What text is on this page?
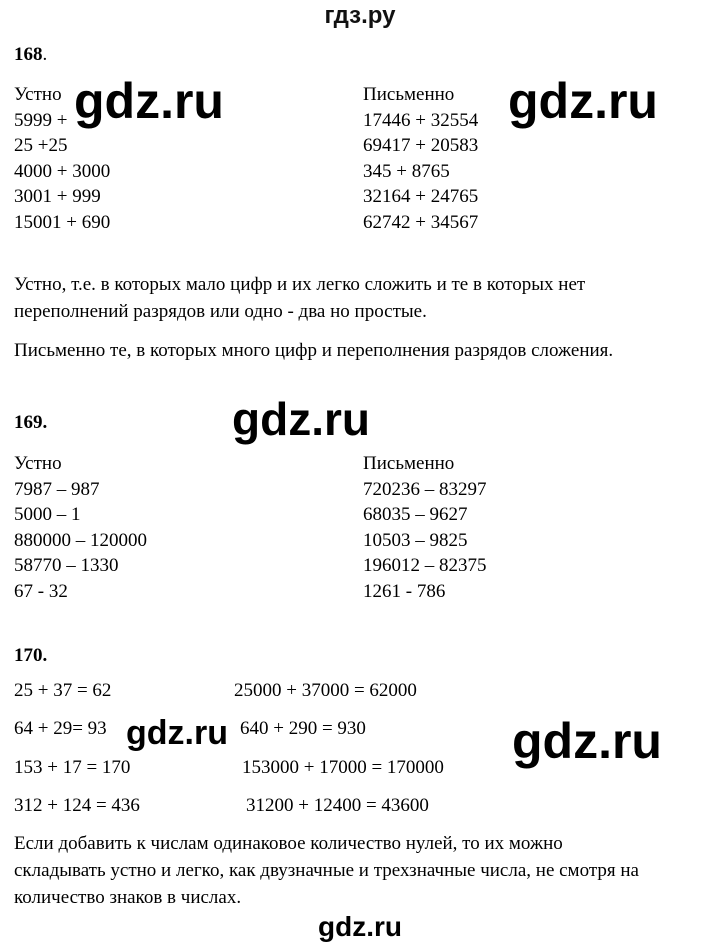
гдз.ру
168.
Устно
5999 +
25 +25
4000 + 3000
3001 + 999
15001 + 690
Письменно
17446 + 32554
69417 + 20583
345 + 8765
32164 + 24765
62742 + 34567
gdz.ru	gdz.ru
Устно, т.е. в которых мало цифр и их легко сложить и те в которых нет
переполнений разрядов или одно - два но простые.
Письменно те, в которых много цифр и переполнения разрядов сложения.
169.	gdz.ru
Устно
7987 – 987
5000 – 1
880000 – 120000
58770 – 1330
67 - 32
Письменно
720236 – 83297
68035 – 9627
10503 – 9825
196012 – 82375
1261 - 786
170.
25 + 37 = 62	25000 + 37000 = 62000
64 + 29= 93	640 + 290 = 930
153 + 17 = 170	153000 + 17000 = 170000
312 + 124 = 436	31200 + 12400 = 43600
gdz.ru	gdz.ru
Если добавить к числам одинаковое количество нулей, то их можно
складывать устно и легко, как двузначные и трехзначные числа, не смотря на
количество знаков в числах.
gdz.ru
